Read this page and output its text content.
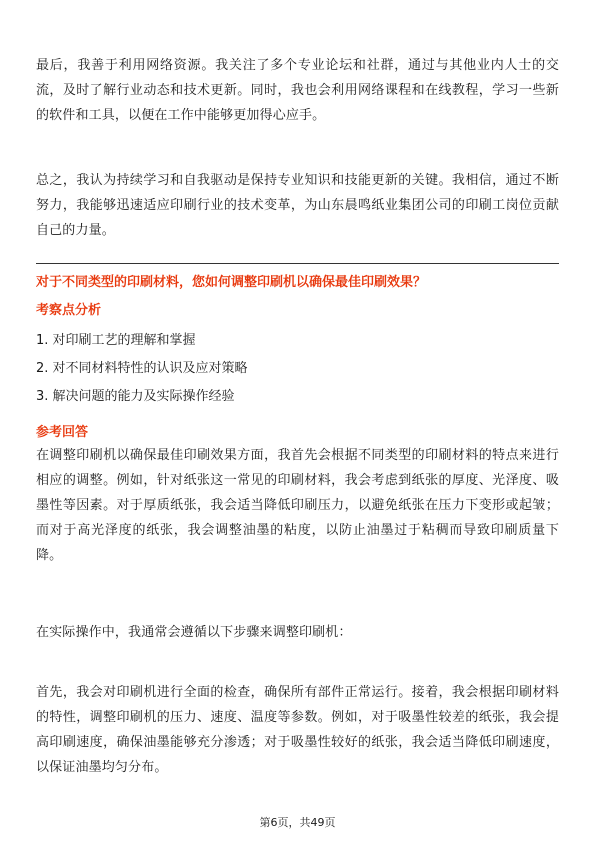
最后，我善于利用网络资源。我关注了多个专业论坛和社群，通过与其他业内人士的交流，及时了解行业动态和技术更新。同时，我也会利用网络课程和在线教程，学习一些新的软件和工具，以便在工作中能够更加得心应手。

总之，我认为持续学习和自我驱动是保持专业知识和技能更新的关键。我相信，通过不断努力，我能够迅速适应印刷行业的技术变革，为山东晨鸣纸业集团公司的印刷工岗位贡献自己的力量。

对于不同类型的印刷材料，您如何调整印刷机以确保最佳印刷效果？

考察点分析

1. 对印刷工艺的理解和掌握
2. 对不同材料特性的认识及应对策略
3. 解决问题的能力及实际操作经验

参考回答

在调整印刷机以确保最佳印刷效果方面，我首先会根据不同类型的印刷材料的特点来进行相应的调整。例如，针对纸张这一常见的印刷材料，我会考虑到纸张的厚度、光泽度、吸墨性等因素。对于厚质纸张，我会适当降低印刷压力，以避免纸张在压力下变形或起皱；而对于高光泽度的纸张，我会调整油墨的粘度，以防止油墨过于粘稠而导致印刷质量下降。

在实际操作中，我通常会遵循以下步骤来调整印刷机：

首先，我会对印刷机进行全面的检查，确保所有部件正常运行。接着，我会根据印刷材料的特性，调整印刷机的压力、速度、温度等参数。例如，对于吸墨性较差的纸张，我会提高印刷速度，确保油墨能够充分渗透；对于吸墨性较好的纸张，我会适当降低印刷速度，以保证油墨均匀分布。

第6页，共49页
